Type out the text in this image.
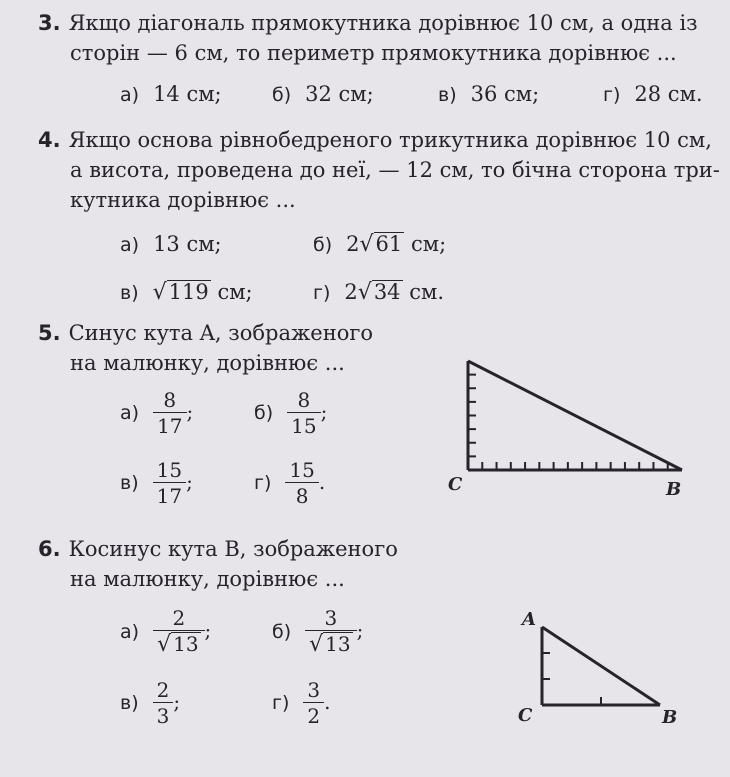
3. Якщо діагональ прямокутника дорівнює 10 см, а одна із
сторін — 6 см, то периметр прямокутника дорівнює ...
а) 14 см;	б) 32 см;	в) 36 см;	г) 28 см.
4. Якщо основа рівнобедреного трикутника дорівнює 10 см,
а висота, проведена до неї, — 12 см, то бічна сторона три-
кутника дорівнює ...
а) 13 см;	б) 2√61 см;
в) √119 см;	г) 2√34 см.
5. Синус кута A, зображеного
на малюнку, дорівнює ...
$а) \frac{8}{17}$ ;	$б) \frac{8}{15}$ ;
$в) \frac{15}{17}$ ;	$г) \frac{15}{8}$ .	C	B
6. Косинус кута B, зображеного
на малюнку, дорівнює ...
$а) \frac{2}{√ 13}$ ;	$б) \frac{3}{√ 13}$ ;
$в) \frac{2}{3}$ ;	$г) \frac{3}{2}$ .
A
C	B
